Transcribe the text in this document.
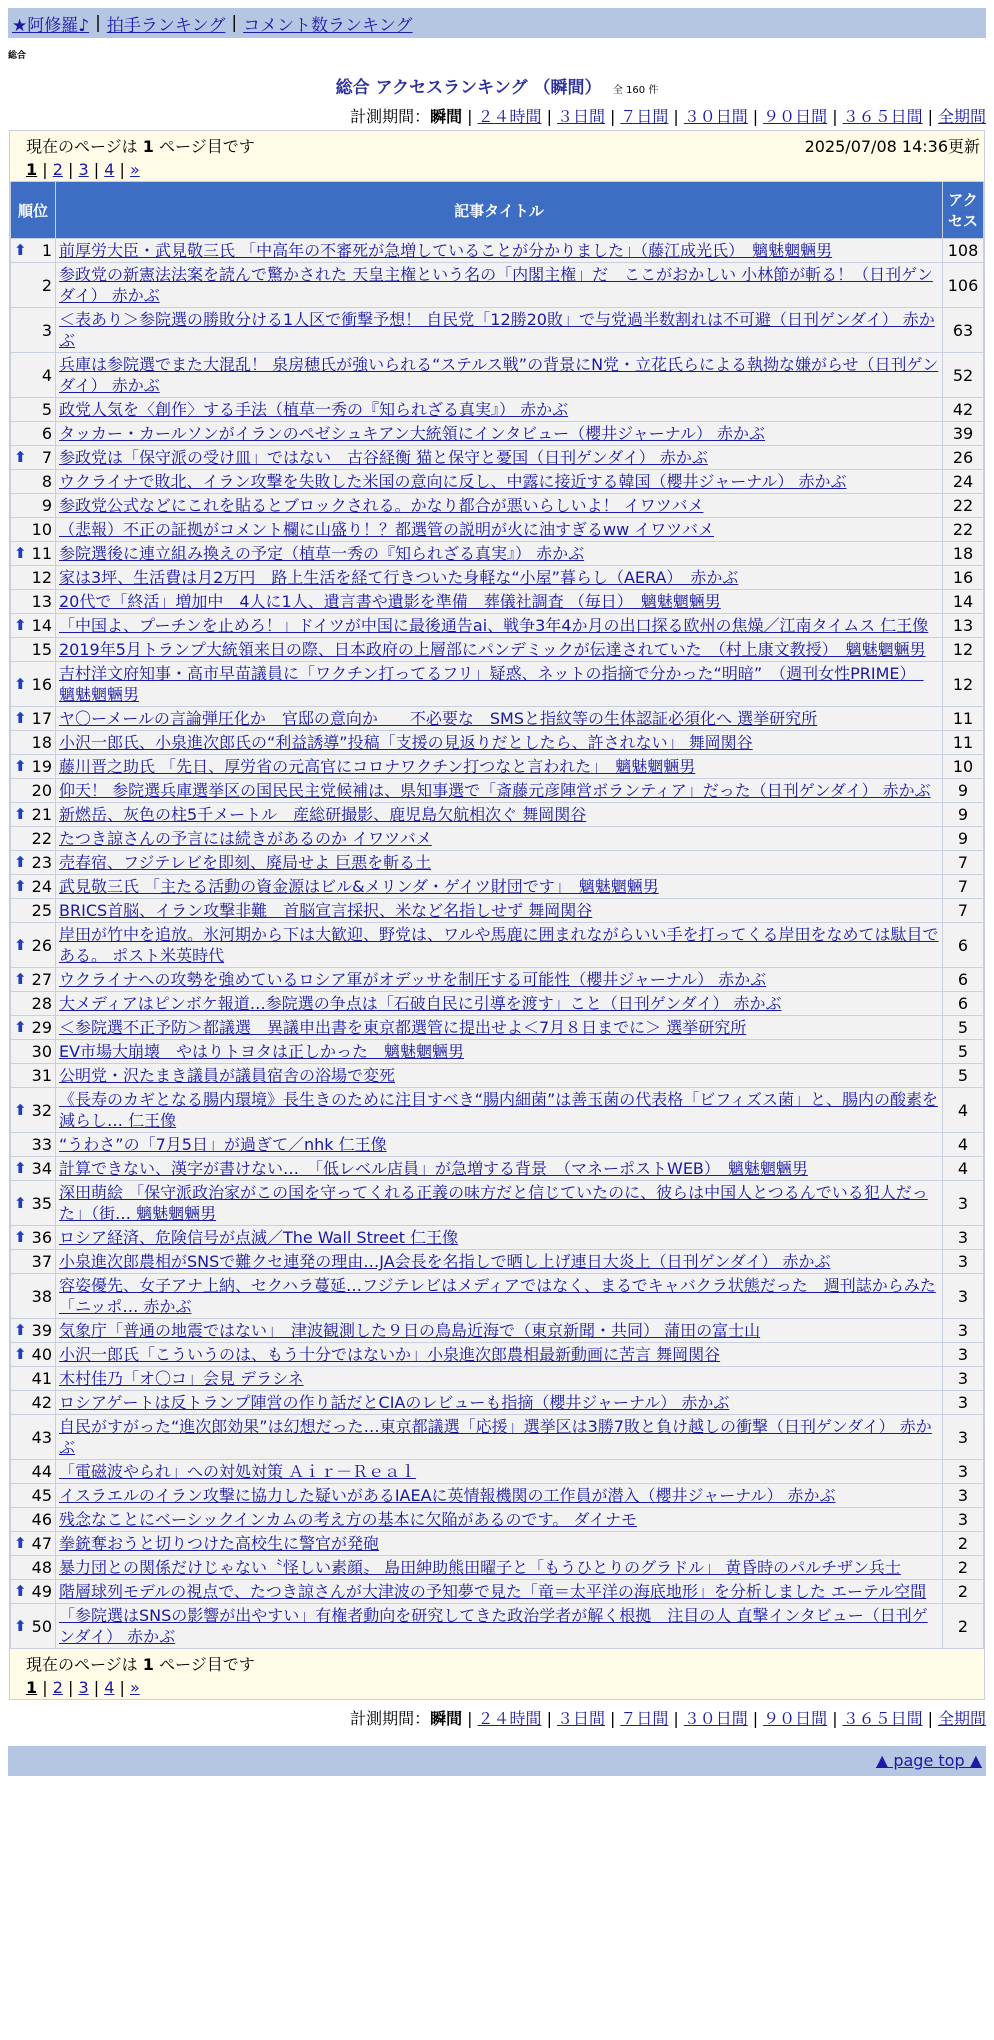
★阿修羅♪ | 拍手ランキング | コメント数ランキング
総合
総合 アクセスランキング （瞬間） 全 160 件
計測期間：瞬間 | ２４時間 | ３日間 | ７日間 | ３０日間 | ９０日間 | ３６５日間 | 全期間
現在のページは 1 ページ目です	2025/07/08 14:36更新
1 | 2 | 3 | 4 | »
順位	記事タイトル	アクセス

⬆ 1	前厚労大臣・武見敬三氏 「中高年の不審死が急増していることが分かりました」（藤江成光氏）　魑魅魍魎男	108
2	参政党の新憲法法案を読んで驚かされた 天皇主権という名の「内閣主権」だ　ここがおかしい 小林節が斬る！（日刊ゲンダイ） 赤かぶ	106
3	＜表あり＞参院選の勝敗分ける1人区で衝撃予想！ 自民党「12勝20敗」で与党過半数割れは不可避（日刊ゲンダイ） 赤かぶ	63
4	兵庫は参院選でまた大混乱！ 泉房穂氏が強いられる“ステルス戦”の背景にN党・立花氏らによる執拗な嫌がらせ（日刊ゲンダイ） 赤かぶ	52
5	政党人気を〈創作〉する手法（植草一秀の『知られざる真実』） 赤かぶ	42
6	タッカー・カールソンがイランのペゼシュキアン大統領にインタビュー（櫻井ジャーナル） 赤かぶ	39

⬆ 7	参政党は「保守派の受け皿」ではない　古谷経衡 猫と保守と憂国（日刊ゲンダイ） 赤かぶ	26
8	ウクライナで敗北、イラン攻撃を失敗した米国の意向に反し、中露に接近する韓国（櫻井ジャーナル） 赤かぶ	24
9	参政党公式などにこれを貼るとブロックされる。かなり都合が悪いらしいよ！ イワツバメ	22
10	（悲報）不正の証拠がコメント欄に山盛り！？都選管の説明が火に油すぎるww イワツバメ	22

⬆ 11	参院選後に連立組み換えの予定（植草一秀の『知られざる真実』） 赤かぶ	18
12	家は3坪、生活費は月2万円　路上生活を経て行きついた身軽な“小屋”暮らし（AERA）　赤かぶ	16
13	20代で「終活」増加中　4人に1人、遺言書や遺影を準備　葬儀社調査 （毎日）　魑魅魍魎男	14

⬆ 14	「中国よ、プーチンを止めろ！」ドイツが中国に最後通告ai、戦争3年4か月の出口探る欧州の焦燥／江南タイムス 仁王像	13
15	2019年5月トランプ大統領来日の際、日本政府の上層部にパンデミックが伝達されていた　（村上康文教授）　魑魅魍魎男	12

⬆ 16	吉村洋文府知事・高市早苗議員に「ワクチン打ってるフリ」疑惑、ネットの指摘で分かった“明暗”　（週刊女性PRIME）　魑魅魍魎男	12

⬆ 17	ヤ〇ーメールの言論弾圧化か　官邸の意向か　　不必要な　SMSと指紋等の生体認証必須化へ 選挙研究所	11
18	小沢一郎氏、小泉進次郎氏の“利益誘導”投稿「支援の見返りだとしたら、許されない」 舞岡関谷	11

⬆ 19	藤川晋之助氏 「先日、厚労省の元高官にコロナワクチン打つなと言われた」　魑魅魍魎男	10
20	仰天！ 参院選兵庫選挙区の国民民主党候補は、県知事選で「斎藤元彦陣営ボランティア」だった（日刊ゲンダイ） 赤かぶ	9

⬆ 21	新燃岳、灰色の柱5千メートル　産総研撮影、鹿児島欠航相次ぐ 舞岡関谷	9
22	たつき諒さんの予言には続きがあるのか イワツバメ	9

⬆ 23	売春宿、フジテレビを即刻、廃局せよ 巨悪を斬る土	7

⬆ 24	武見敬三氏 「主たる活動の資金源はビル&メリンダ・ゲイツ財団です」　魑魅魍魎男	7
25	BRICS首脳、イラン攻撃非難　首脳宣言採択、米など名指しせず 舞岡関谷	7

⬆ 26	岸田が竹中を追放。氷河期から下は大歓迎、野党は、ワルや馬鹿に囲まれながらいい手を打ってくる岸田をなめては駄目である。 ポスト米英時代	6

⬆ 27	ウクライナへの攻勢を強めているロシア軍がオデッサを制圧する可能性（櫻井ジャーナル） 赤かぶ	6
28	大メディアはピンボケ報道…参院選の争点は「石破自民に引導を渡す」こと（日刊ゲンダイ） 赤かぶ	6

⬆ 29	＜参院選不正予防＞都議選　異議申出書を東京都選管に提出せよ＜7月８日までに＞ 選挙研究所	5
30	EV市場大崩壊　やはりトヨタは正しかった　魑魅魍魎男	5
31	公明党・沢たまき議員が議員宿舎の浴場で変死	5

⬆ 32	《長寿のカギとなる腸内環境》長生きのために注目すべき“腸内細菌”は善玉菌の代表格「ビフィズス菌」と、腸内の酸素を減らし… 仁王像	4
33	“うわさ”の「7月5日」が過ぎて／nhk 仁王像	4

⬆ 34	計算できない、漢字が書けない…　「低レベル店員」が急増する背景　（マネーポストWEB）　魑魅魍魎男	4

⬆ 35	深田萌絵 「保守派政治家がこの国を守ってくれる正義の味方だと信じていたのに、彼らは中国人とつるんでいる犯人だった」（街… 魑魅魍魎男	3

⬆ 36	ロシア経済、危険信号が点滅／The Wall Street 仁王像	3
37	小泉進次郎農相がSNSで難クセ連発の理由…JA会長を名指しで晒し上げ連日大炎上（日刊ゲンダイ） 赤かぶ	3
38	容姿優先、女子アナ上納、セクハラ蔓延…フジテレビはメディアではなく、まるでキャバクラ状態だった　週刊誌からみた「ニッポ… 赤かぶ	3

⬆ 39	気象庁「普通の地震ではない」　津波観測した９日の鳥島近海で（東京新聞・共同） 蒲田の富士山	3

⬆ 40	小沢一郎氏「こういうのは、もう十分ではないか」小泉進次郎農相最新動画に苦言 舞岡関谷	3
41	木村佳乃「オ〇コ」会見 デラシネ	3
42	ロシアゲートは反トランプ陣営の作り話だとCIAのレビューも指摘（櫻井ジャーナル） 赤かぶ	3
43	自民がすがった“進次郎効果”は幻想だった…東京都議選「応援」選挙区は3勝7敗と負け越しの衝撃（日刊ゲンダイ） 赤かぶ	3
44	「電磁波やられ」への対処対策 Ａｉｒ－Ｒｅａｌ	3
45	イスラエルのイラン攻撃に協力した疑いがあるIAEAに英情報機関の工作員が潜入（櫻井ジャーナル） 赤かぶ	3
46	残念なことにベーシックインカムの考え方の基本に欠陥があるのです。 ダイナモ	3

⬆ 47	拳銃奪おうと切りつけた高校生に警官が発砲	2
48	暴力団との関係だけじゃない〝怪しい素顔〟 島田紳助熊田曜子と「もうひとりのグラドル」 黄昏時のパルチザン兵士	2

⬆ 49	階層球列モデルの視点で、たつき諒さんが大津波の予知夢で見た「竜＝太平洋の海底地形」を分析しました エーテル空間	2

⬆ 50	「参院選はSNSの影響が出やすい」有権者動向を研究してきた政治学者が解く根拠　注目の人 直撃インタビュー（日刊ゲンダイ） 赤かぶ	2
現在のページは 1 ページ目です
1 | 2 | 3 | 4 | »
計測期間：瞬間 | ２４時間 | ３日間 | ７日間 | ３０日間 | ９０日間 | ３６５日間 | 全期間
▲ page top ▲
